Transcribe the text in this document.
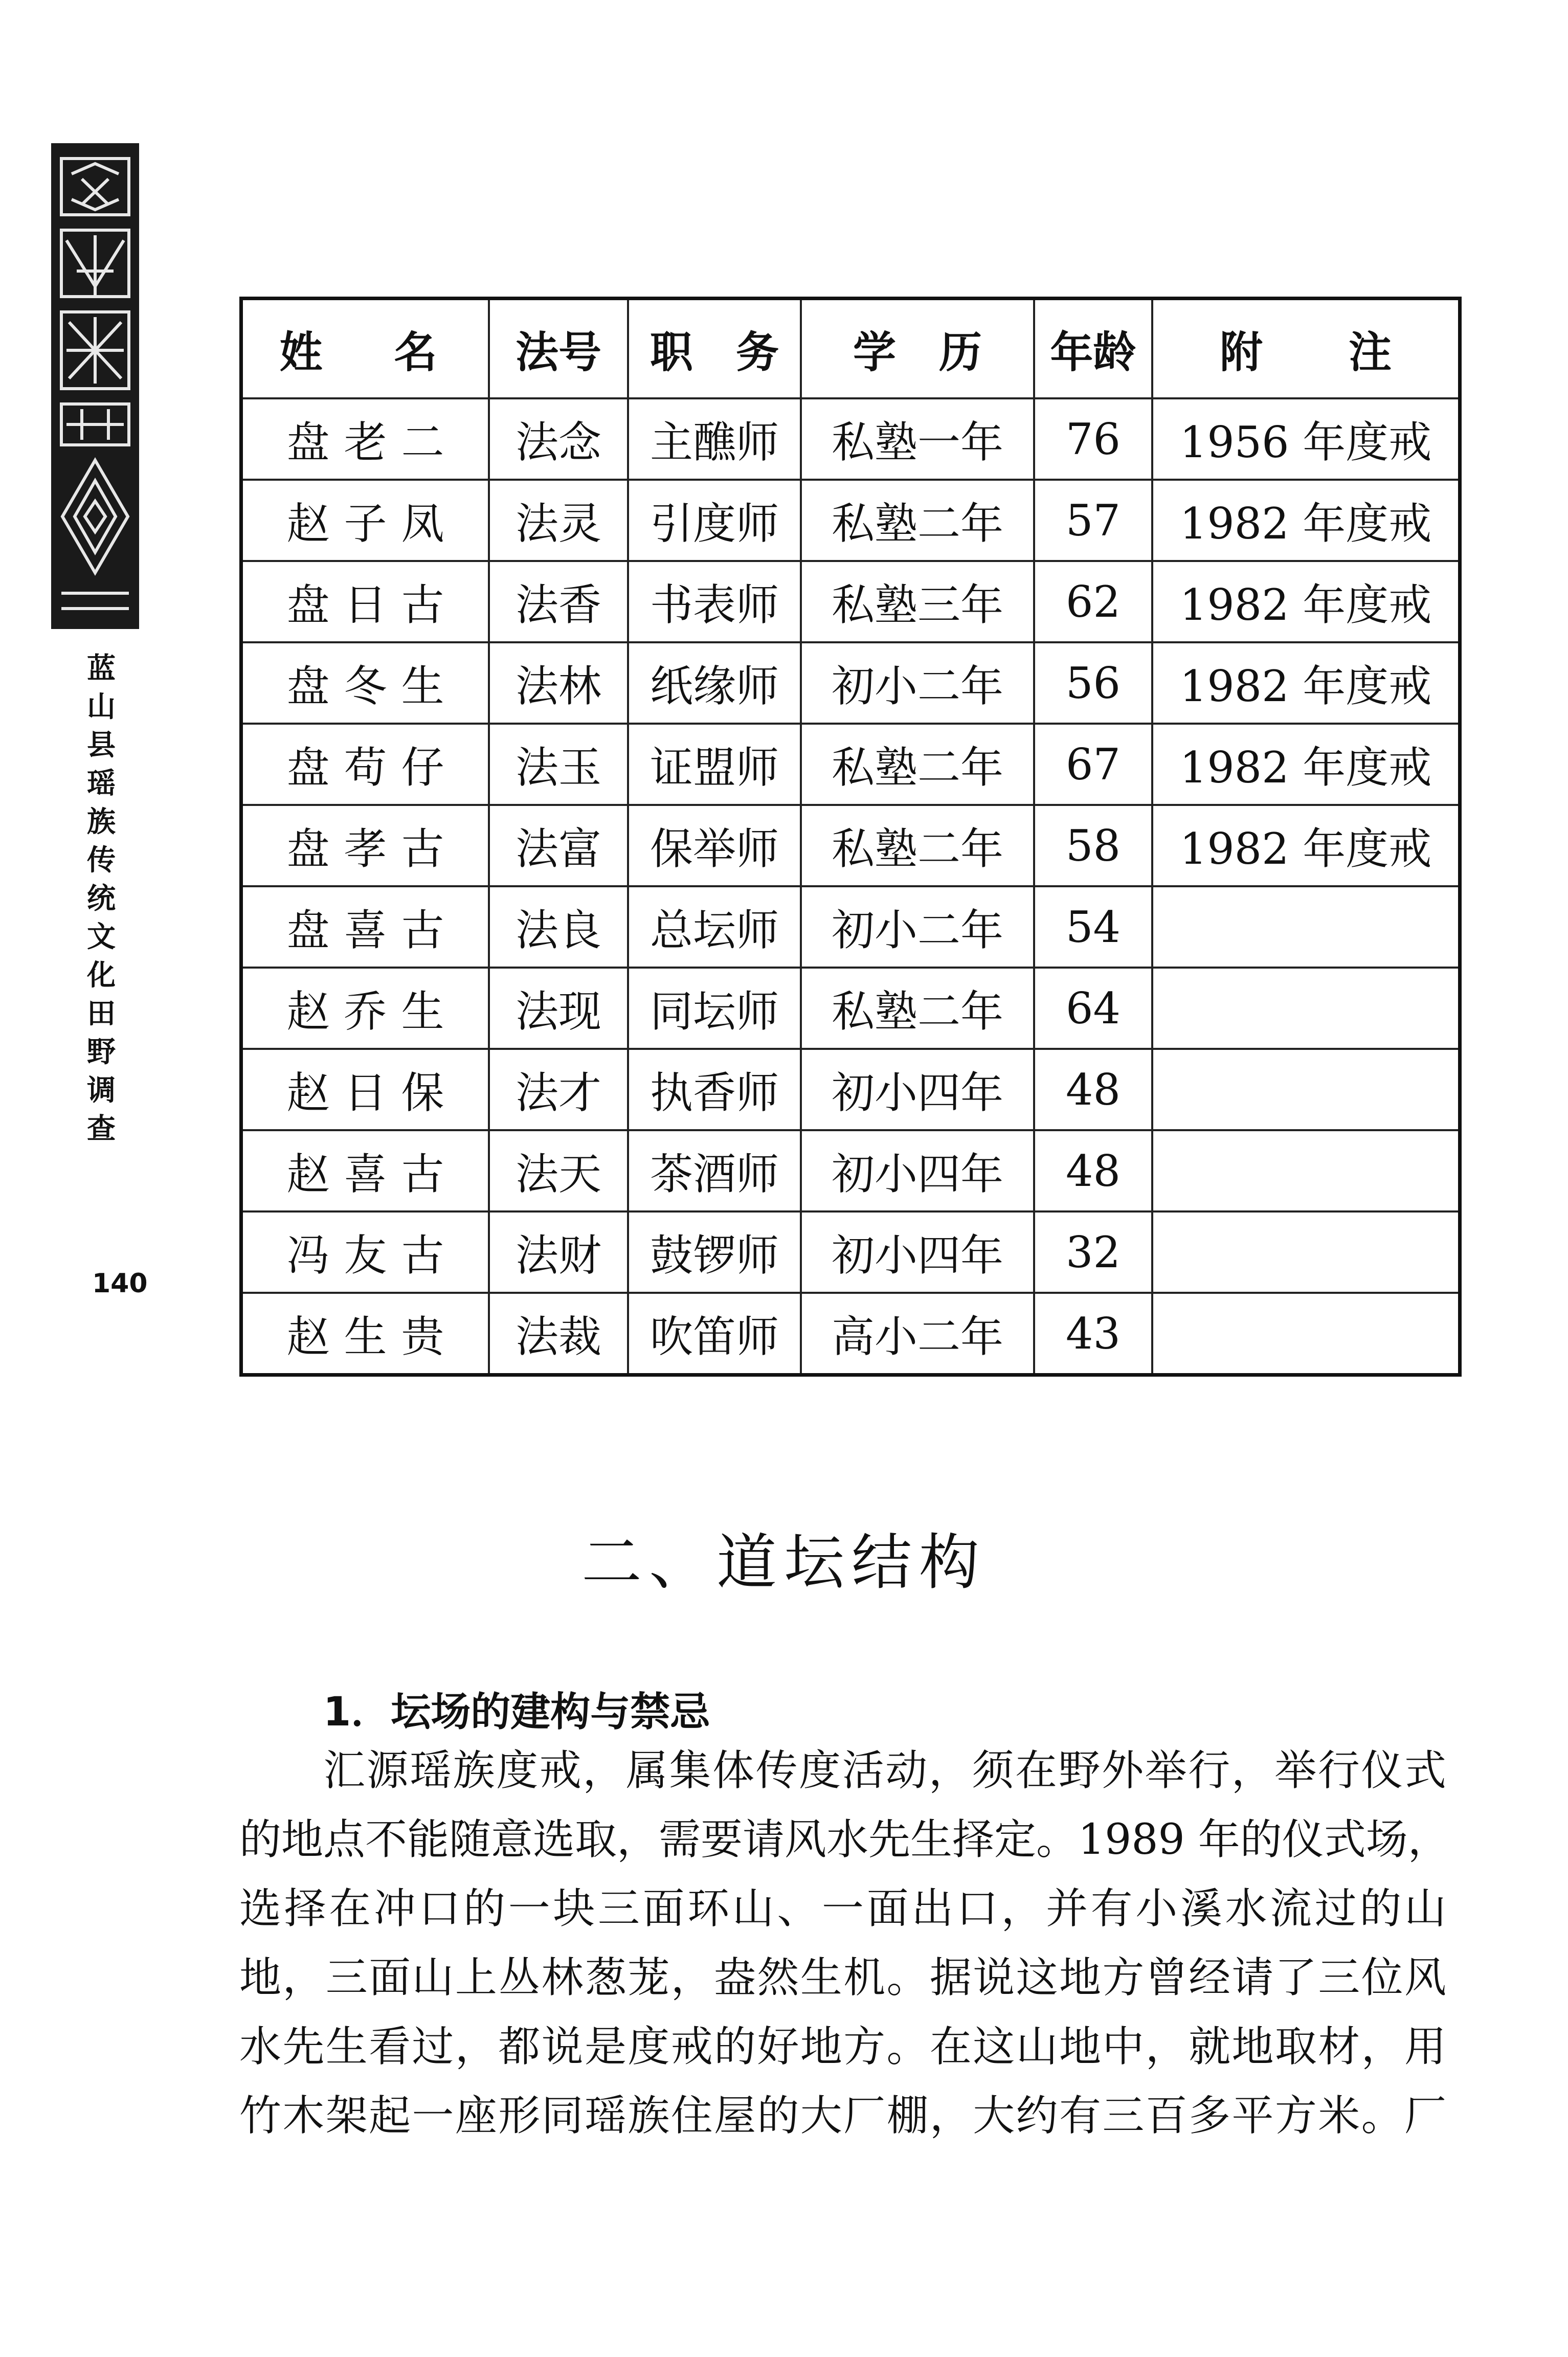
蓝
山
县
瑶
族
传
统
文
化
田
野
调
查
140
姓　名	法号	职　务	学　历	年龄	附　　注
盘老二	法念	主醮师	私塾一年	76	1956 年度戒
赵子凤	法灵	引度师	私塾二年	57	1982 年度戒
盘日古	法香	书表师	私塾三年	62	1982 年度戒
盘冬生	法林	纸缘师	初小二年	56	1982 年度戒
盘苟仔	法玉	证盟师	私塾二年	67	1982 年度戒
盘孝古	法富	保举师	私塾二年	58	1982 年度戒
盘喜古	法良	总坛师	初小二年	54	
赵乔生	法现	同坛师	私塾二年	64	
赵日保	法才	执香师	初小四年	48	
赵喜古	法天	茶酒师	初小四年	48	
冯友古	法财	鼓锣师	初小四年	32	
赵生贵	法裁	吹笛师	高小二年	43	
二、道坛结构
1．坛场的建构与禁忌
汇源瑶族度戒，属集体传度活动，须在野外举行，举行仪式
的地点不能随意选取，需要请风水先生择定。1989 年的仪式场，
选择在冲口的一块三面环山、一面出口，并有小溪水流过的山
地，三面山上丛林葱茏，盎然生机。据说这地方曾经请了三位风
水先生看过，都说是度戒的好地方。在这山地中，就地取材，用
竹木架起一座形同瑶族住屋的大厂棚，大约有三百多平方米。厂
